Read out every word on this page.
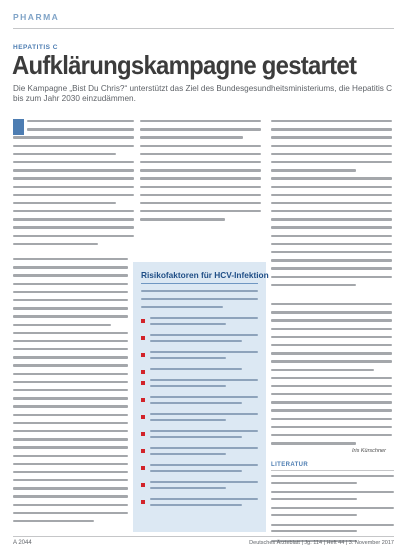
PHARMA
HEPATITIS C
Aufklärungskampagne gestartet

Die Kampagne „Bist Du Chris?“ unterstützt das Ziel des Bundesgesundheitsministeriums, die Hepatitis C bis zum Jahr 2030 einzudämmen.

Risikofaktoren für HCV-Infektion
Iris Kürschner
LITERATUR
A 2044	Deutsches Ärzteblatt | Jg. 114 | Heft 44 | 3. November 2017
